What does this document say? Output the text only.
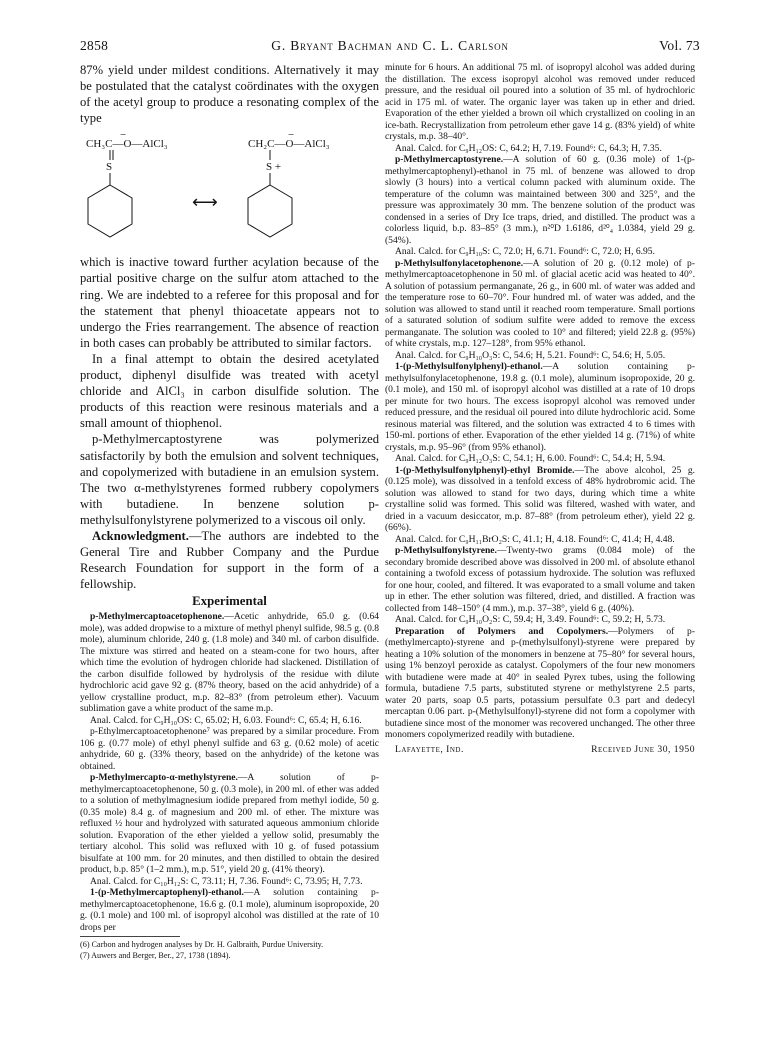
2858	G. Bryant Bachman and C. L. Carlson	Vol. 73

87% yield under mildest conditions. Alternatively it may be postulated that the catalyst coördinates with the oxygen of the acetyl group to produce a resonating complex of the type

−
CH₃C—O—AlCl₃
−
CH₂C—O—AlCl₃
S	S +
⟷

which is inactive toward further acylation because of the partial positive charge on the sulfur atom attached to the ring. We are indebted to a referee for this proposal and for the statement that phenyl thioacetate appears not to undergo the Fries rearrangement. The absence of reaction in both cases can probably be attributed to similar factors.

In a final attempt to obtain the desired acetylated product, diphenyl disulfide was treated with acetyl chloride and AlCl₃ in carbon disulfide solution. The products of this reaction were resinous materials and a small amount of thiophenol.

p-Methylmercaptostyrene was polymerized satisfactorily by both the emulsion and solvent techniques, and copolymerized with butadiene in an emulsion system. The two α-methylstyrenes formed rubbery copolymers with butadiene. In benzene solution p-methylsulfonylstyrene polymerized to a viscous oil only.

Acknowledgment.—The authors are indebted to the General Tire and Rubber Company and the Purdue Research Foundation for support in the form of a fellowship.

Experimental

p-Methylmercaptoacetophenone.—Acetic anhydride, 65.0 g. (0.64 mole), was added dropwise to a mixture of methyl phenyl sulfide, 98.5 g. (0.8 mole), aluminum chloride, 240 g. (1.8 mole) and 340 ml. of carbon disulfide. The mixture was stirred and heated on a steam-cone for two hours, after which time the evolution of hydrogen chloride had slackened. Distillation of the carbon disulfide followed by hydrolysis of the residue with dilute hydrochloric acid gave 92 g. (87% theory, based on the acid anhydride) of a yellow crystalline product, m.p. 82–83° (from petroleum ether). Vacuum sublimation gave a white product of the same m.p.

Anal. Calcd. for C₉H₁₀OS: C, 65.02; H, 6.03. Found⁶: C, 65.4; H, 6.16.

p-Ethylmercaptoacetophenone⁷ was prepared by a similar procedure. From 106 g. (0.77 mole) of ethyl phenyl sulfide and 63 g. (0.62 mole) of acetic anhydride, 60 g. (33% theory, based on the anhydride) of the ketone was obtained.

p-Methylmercapto-α-methylstyrene.—A solution of p-methylmercaptoacetophenone, 50 g. (0.3 mole), in 200 ml. of ether was added to a solution of methylmagnesium iodide prepared from methyl iodide, 50 g. (0.35 mole) 8.4 g. of magnesium and 200 ml. of ether. The mixture was refluxed ½ hour and hydrolyzed with saturated aqueous ammonium chloride solution. Evaporation of the ether yielded a yellow solid, presumably the tertiary alcohol. This solid was refluxed with 10 g. of fused potassium bisulfate at 100 mm. for 20 minutes, and then distilled to obtain the desired product, b.p. 85° (1–2 mm.), m.p. 51°, yield 20 g. (41% theory).

Anal. Calcd. for C₁₀H₁₂S: C, 73.11; H, 7.36. Found⁶: C, 73.95; H, 7.73.

1-(p-Methylmercaptophenyl)-ethanol.—A solution containing p-methylmercaptoacetophenone, 16.6 g. (0.1 mole), aluminum isopropoxide, 20 g. (0.1 mole) and 100 ml. of isopropyl alcohol was distilled at the rate of 10 drops per

(6) Carbon and hydrogen analyses by Dr. H. Galbraith, Purdue University.

(7) Auwers and Berger, Ber., 27, 1738 (1894).

minute for 6 hours. An additional 75 ml. of isopropyl alcohol was added during the distillation. The excess isopropyl alcohol was removed under reduced pressure, and the residual oil poured into a solution of 35 ml. of hydrochloric acid in 175 ml. of water. The organic layer was taken up in ether and dried. Evaporation of the ether yielded a brown oil which crystallized on cooling in an ice-bath. Recrystallization from petroleum ether gave 14 g. (83% yield) of white crystals, m.p. 38–40°.

Anal. Calcd. for C₉H₁₂OS: C, 64.2; H, 7.19. Found⁶: C, 64.3; H, 7.35.

p-Methylmercaptostyrene.—A solution of 60 g. (0.36 mole) of 1-(p-methylmercaptophenyl)-ethanol in 75 ml. of benzene was allowed to drop slowly (3 hours) into a vertical column packed with aluminum oxide. The temperature of the column was maintained between 300 and 325°, and the pressure was approximately 30 mm. The benzene solution of the product was condensed in a series of Dry Ice traps, dried, and distilled. The product was a colorless liquid, b.p. 83–85° (3 mm.), n²⁰D 1.6186, d²⁰₄ 1.0384, yield 29 g. (54%).

Anal. Calcd. for C₉H₁₀S: C, 72.0; H, 6.71. Found⁶: C, 72.0; H, 6.95.

p-Methylsulfonylacetophenone.—A solution of 20 g. (0.12 mole) of p-methylmercaptoacetophenone in 50 ml. of glacial acetic acid was heated to 40°. A solution of potassium permanganate, 26 g., in 600 ml. of water was added and the temperature rose to 60–70°. Four hundred ml. of water was added, and the solution was allowed to stand until it reached room temperature. Small portions of a saturated solution of sodium sulfite were added to remove the excess permanganate. The solution was cooled to 10° and filtered; yield 22.8 g. (95%) of white crystals, m.p. 127–128°, from 95% ethanol.

Anal. Calcd. for C₉H₁₀O₃S: C, 54.6; H, 5.21. Found⁶: C, 54.6; H, 5.05.

1-(p-Methylsulfonylphenyl)-ethanol.—A solution containing p-methylsulfonylacetophenone, 19.8 g. (0.1 mole), aluminum isopropoxide, 20 g. (0.1 mole), and 150 ml. of isopropyl alcohol was distilled at a rate of 10 drops per minute for two hours. The excess isopropyl alcohol was removed under reduced pressure, and the residual oil poured into dilute hydrochloric acid. Some resinous material was filtered, and the solution was extracted 4 to 6 times with 150-ml. portions of ether. Evaporation of the ether yielded 14 g. (71%) of white crystals, m.p. 95–96° (from 95% ethanol).

Anal. Calcd. for C₉H₁₂O₃S: C, 54.1; H, 6.00. Found⁶: C, 54.4; H, 5.94.

1-(p-Methylsulfonylphenyl)-ethyl Bromide.—The above alcohol, 25 g. (0.125 mole), was dissolved in a tenfold excess of 48% hydrobromic acid. The solution was allowed to stand for two days, during which time a white crystalline solid was formed. This solid was filtered, washed with water, and dried in a vacuum desiccator, m.p. 87–88° (from petroleum ether), yield 22 g. (66%).

Anal. Calcd. for C₉H₁₁BrO₂S: C, 41.1; H, 4.18. Found⁶: C, 41.4; H, 4.48.

p-Methylsulfonylstyrene.—Twenty-two grams (0.084 mole) of the secondary bromide described above was dissolved in 200 ml. of absolute ethanol containing a twofold excess of potassium hydroxide. The solution was refluxed for one hour, cooled, and filtered. It was evaporated to a small volume and taken up in ether. The ether solution was filtered, dried, and distilled. A fraction was collected from 148–150° (4 mm.), m.p. 37–38°, yield 6 g. (40%).

Anal. Calcd. for C₉H₁₀O₂S: C, 59.4; H, 3.49. Found⁶: C, 59.2; H, 5.73.

Preparation of Polymers and Copolymers.—Polymers of p-(methylmercapto)-styrene and p-(methylsulfonyl)-styrene were prepared by heating a 10% solution of the monomers in benzene at 75–80° for several hours, using 1% benzoyl peroxide as catalyst. Copolymers of the four new monomers with butadiene were made at 40° in sealed Pyrex tubes, using the following formula, butadiene 7.5 parts, substituted styrene or methylstyrene 2.5 parts, water 20 parts, soap 0.5 parts, potassium persulfate 0.3 part and dedecyl mercaptan 0.06 part. p-(Methylsulfonyl)-styrene did not form a copolymer with butadiene since most of the monomer was recovered unchanged. The other three monomers copolymerized readily with butadiene.

Lafayette, Ind.	Received June 30, 1950
